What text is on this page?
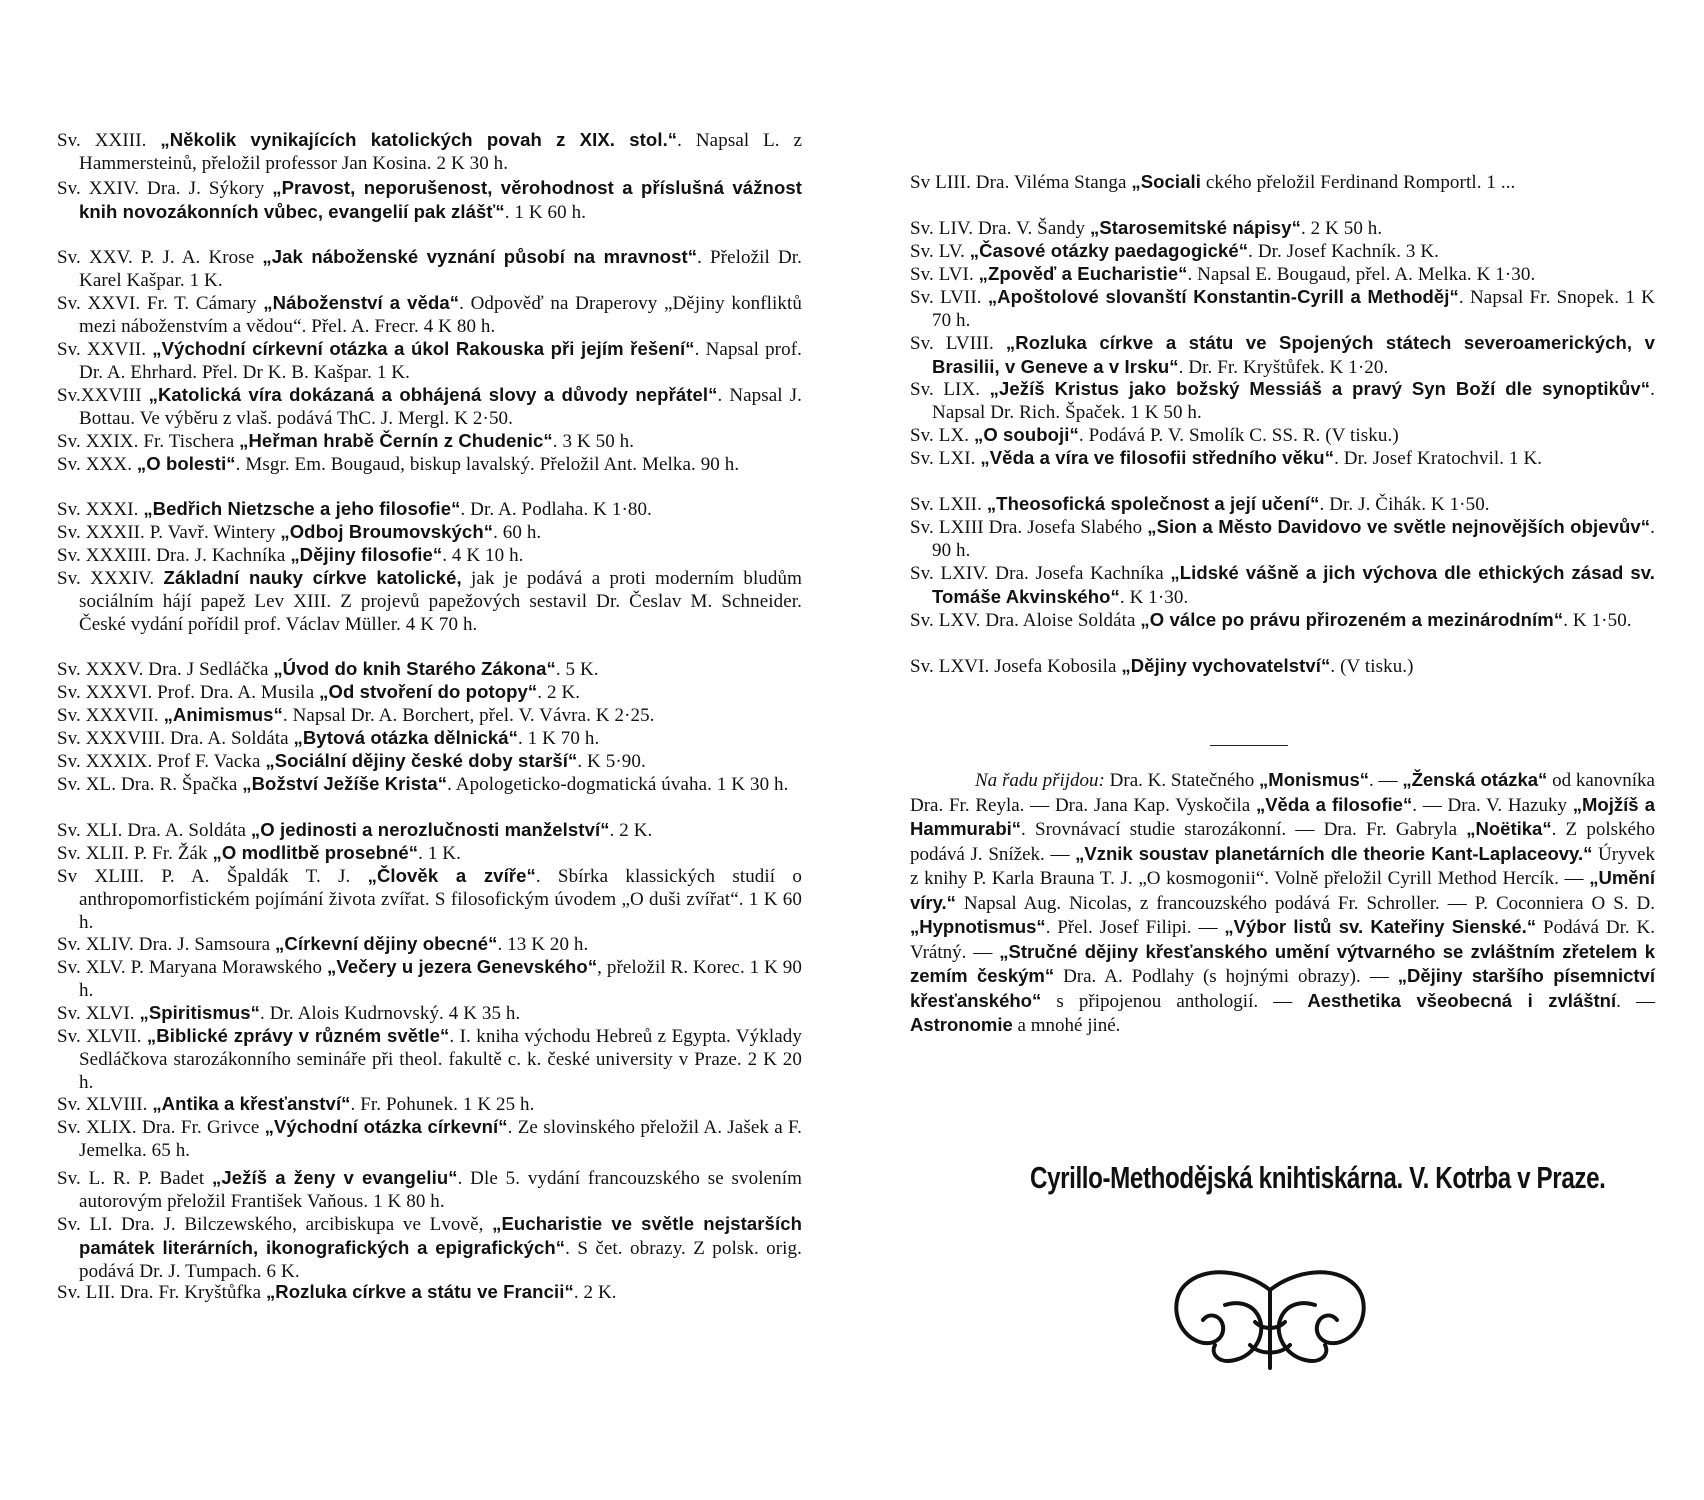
Sv. XXIII. „Několik vynikajících katolických povah z XIX. stol.“. Napsal L. z Hammersteinů, přeložil professor Jan Kosina. 2 K 30 h.

Sv. XXIV. Dra. J. Sýkory „Pravost, neporušenost, věrohodnost a příslušná vážnost knih novozákonních vůbec, evangelií pak zlášť“. 1 K 60 h.

Sv. XXV. P. J. A. Krose „Jak náboženské vyznání působí na mravnost“. Přeložil Dr. Karel Kašpar. 1 K.

Sv. XXVI. Fr. T. Cámary „Náboženství a věda“. Odpověď na Draperovy „Dějiny konfliktů mezi náboženstvím a vědou“. Přel. A. Frecr. 4 K 80 h.

Sv. XXVII. „Východní církevní otázka a úkol Rakouska při jejím řešení“. Napsal prof. Dr. A. Ehrhard. Přel. Dr K. B. Kašpar. 1 K.

Sv.XXVIII „Katolická víra dokázaná a obhájená slovy a důvody nepřátel“. Napsal J. Bottau. Ve výběru z vlaš. podává ThC. J. Mergl. K 2·50.

Sv. XXIX. Fr. Tischera „Heřman hrabě Černín z Chudenic“. 3 K 50 h.

Sv. XXX. „O bolesti“. Msgr. Em. Bougaud, biskup lavalský. Přeložil Ant. Melka. 90 h.

Sv. XXXI. „Bedřich Nietzsche a jeho filosofie“. Dr. A. Podlaha. K 1·80.

Sv. XXXII. P. Vavř. Wintery „Odboj Broumovských“. 60 h.

Sv. XXXIII. Dra. J. Kachníka „Dějiny filosofie“. 4 K 10 h.

Sv. XXXIV. Základní nauky církve katolické, jak je podává a proti moderním bludům sociálním hájí papež Lev XIII. Z projevů papežových sestavil Dr. Česlav M. Schneider. České vydání pořídil prof. Václav Müller. 4 K 70 h.

Sv. XXXV. Dra. J Sedláčka „Úvod do knih Starého Zákona“. 5 K.

Sv. XXXVI. Prof. Dra. A. Musila „Od stvoření do potopy“. 2 K.

Sv. XXXVII. „Animismus“. Napsal Dr. A. Borchert, přel. V. Vávra. K 2·25.

Sv. XXXVIII. Dra. A. Soldáta „Bytová otázka dělnická“. 1 K 70 h.

Sv. XXXIX. Prof F. Vacka „Sociální dějiny české doby starší“. K 5·90.

Sv. XL. Dra. R. Špačka „Božství Ježíše Krista“. Apologeticko-dogmatická úvaha. 1 K 30 h.

Sv. XLI. Dra. A. Soldáta „O jedinosti a nerozlučnosti manželství“. 2 K.

Sv. XLII. P. Fr. Žák „O modlitbě prosebné“. 1 K.

Sv XLIII. P. A. Špaldák T. J. „Člověk a zvíře“. Sbírka klassických studií o anthropomorfistickém pojímání života zvířat. S filosofickým úvodem „O duši zvířat“. 1 K 60 h.

Sv. XLIV. Dra. J. Samsoura „Církevní dějiny obecné“. 13 K 20 h.

Sv. XLV. P. Maryana Morawského „Večery u jezera Genevského“, přeložil R. Korec. 1 K 90 h.

Sv. XLVI. „Spiritismus“. Dr. Alois Kudrnovský. 4 K 35 h.

Sv. XLVII. „Biblické zprávy v různém světle“. I. kniha východu Hebreů z Egypta. Výklady Sedláčkova starozákonního semináře při theol. fakultě c. k. české university v Praze. 2 K 20 h.

Sv. XLVIII. „Antika a křesťanství“. Fr. Pohunek. 1 K 25 h.

Sv. XLIX. Dra. Fr. Grivce „Východní otázka církevní“. Ze slovinského přeložil A. Jašek a F. Jemelka. 65 h.

Sv. L. R. P. Badet „Ježíš a ženy v evangeliu“. Dle 5. vydání francouzského se svolením autorovým přeložil František Vaňous. 1 K 80 h.

Sv. LI. Dra. J. Bilczewského, arcibiskupa ve Lvově, „Eucharistie ve světle nejstarších památek literárních, ikonografických a epigrafických“. S čet. obrazy. Z polsk. orig. podává Dr. J. Tumpach. 6 K.

Sv. LII. Dra. Fr. Kryštůfka „Rozluka církve a státu ve Francii“. 2 K.

Sv LIII. Dra. Viléma Stanga „Sociali ckého přeložil Ferdinand Romportl. 1 ...

Sv. LIV. Dra. V. Šandy „Starosemitské nápisy“. 2 K 50 h.

Sv. LV. „Časové otázky paedagogické“. Dr. Josef Kachník. 3 K.

Sv. LVI. „Zpověď a Eucharistie“. Napsal E. Bougaud, přel. A. Melka. K 1·30.

Sv. LVII. „Apoštolové slovanští Konstantin-Cyrill a Methoděj“. Napsal Fr. Snopek. 1 K 70 h.

Sv. LVIII. „Rozluka církve a státu ve Spojených státech severoamerických, v Brasilii, v Geneve a v Irsku“. Dr. Fr. Kryštůfek. K 1·20.

Sv. LIX. „Ježíš Kristus jako božský Messiáš a pravý Syn Boží dle synoptikův“. Napsal Dr. Rich. Špaček. 1 K 50 h.

Sv. LX. „O souboji“. Podává P. V. Smolík C. SS. R. (V tisku.)

Sv. LXI. „Věda a víra ve filosofii středního věku“. Dr. Josef Kratochvil. 1 K.

Sv. LXII. „Theosofická společnost a její učení“. Dr. J. Čihák. K 1·50.

Sv. LXIII Dra. Josefa Slabého „Sion a Město Davidovo ve světle nejnovějších objevův“. 90 h.

Sv. LXIV. Dra. Josefa Kachníka „Lidské vášně a jich výchova dle ethických zásad sv. Tomáše Akvinského“. K 1·30.

Sv. LXV. Dra. Aloise Soldáta „O válce po právu přirozeném a mezinárodním“. K 1·50.

Sv. LXVI. Josefa Kobosila „Dějiny vychovatelství“. (V tisku.)

Na řadu přijdou: Dra. K. Statečného „Monismus“. — „Ženská otázka“ od kanovníka Dra. Fr. Reyla. — Dra. Jana Kap. Vyskočila „Věda a filosofie“. — Dra. V. Hazuky „Mojžíš a Hammurabi“. Srovnávací studie starozákonní. — Dra. Fr. Gabryla „Noëtika“. Z polského podává J. Snížek. — „Vznik soustav planetárních dle theorie Kant-Laplaceovy.“ Úryvek z knihy P. Karla Brauna T. J. „O kosmogonii“. Volně přeložil Cyrill Method Hercík. — „Umění víry.“ Napsal Aug. Nicolas, z francouzského podává Fr. Schroller. — P. Coconniera O S. D. „Hypnotismus“. Přel. Josef Filipi. — „Výbor listů sv. Kateřiny Sienské.“ Podává Dr. K. Vrátný. — „Stručné dějiny křesťanského umění výtvarného se zvláštním zřetelem k zemím českým“ Dra. A. Podlahy (s hojnými obrazy). — „Dějiny staršího písemnictví křesťanského“ s připojenou anthologií. — Aesthetika všeobecná i zvláštní. — Astronomie a mnohé jiné.

Cyrillo-Methodějská knihtiskárna. V. Kotrba v Praze.
